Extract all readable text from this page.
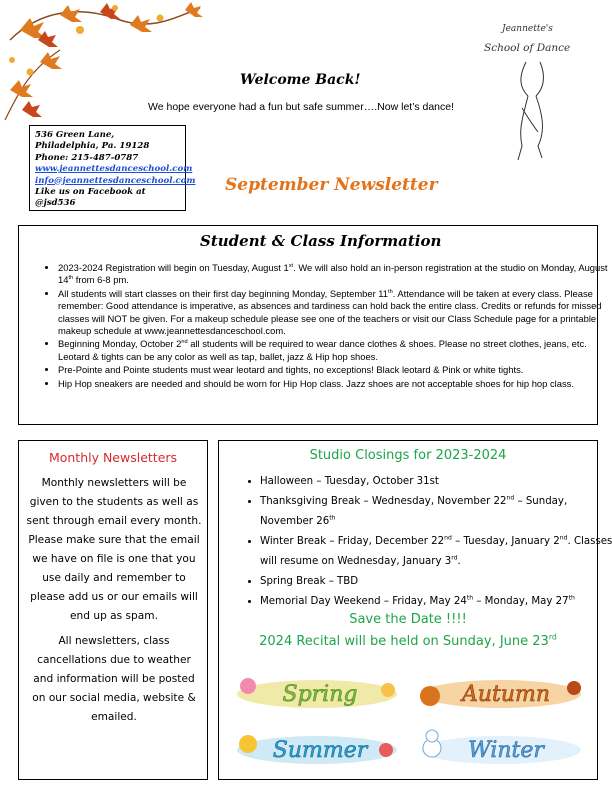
Jeannette's
School of Dance
Welcome Back!
We hope everyone had a fun but safe summer….Now let’s dance!
536 Green Lane,
Philadelphia, Pa. 19128
Phone: 215-487-0787
www.jeannettesdanceschool.com
info@jeannettesdanceschool.com
Like us on Facebook at @jsd536
September Newsletter
Student & Class Information
• 2023-2024 Registration will begin on Tuesday, August 1st. We will also hold an in-person registration at the studio on Monday, August 14th from 6-8 pm.
• All students will start classes on their first day beginning Monday, September 11th. Attendance will be taken at every class. Please remember: Good attendance is imperative, as absences and tardiness can hold back the entire class. Credits or refunds for missed classes will NOT be given. For a makeup schedule please see one of the teachers or visit our Class Schedule page for a printable makeup schedule at www.jeannettesdanceschool.com.
• Beginning Monday, October 2nd all students will be required to wear dance clothes & shoes. Please no street clothes, jeans, etc. Leotard & tights can be any color as well as tap, ballet, jazz & Hip hop shoes.
• Pre-Pointe and Pointe students must wear leotard and tights, no exceptions! Black leotard & Pink or white tights.
• Hip Hop sneakers are needed and should be worn for Hip Hop class. Jazz shoes are not acceptable shoes for hip hop class.
Monthly Newsletters
Monthly newsletters will be given to the students as well as sent through email every month. Please make sure that the email we have on file is one that you use daily and remember to please add us or our emails will end up as spam.
All newsletters, class cancellations due to weather and information will be posted on our social media, website & emailed.
Studio Closings for 2023-2024
• Halloween – Tuesday, October 31st
• Thanksgiving Break – Wednesday, November 22nd – Sunday, November 26th
• Winter Break – Friday, December 22nd – Tuesday, January 2nd. Classes will resume on Wednesday, January 3rd.
• Spring Break – TBD
• Memorial Day Weekend – Friday, May 24th – Monday, May 27th
Save the Date !!!!
2024 Recital will be held on Sunday, June 23rd
Spring	Autumn
Summer	Winter
